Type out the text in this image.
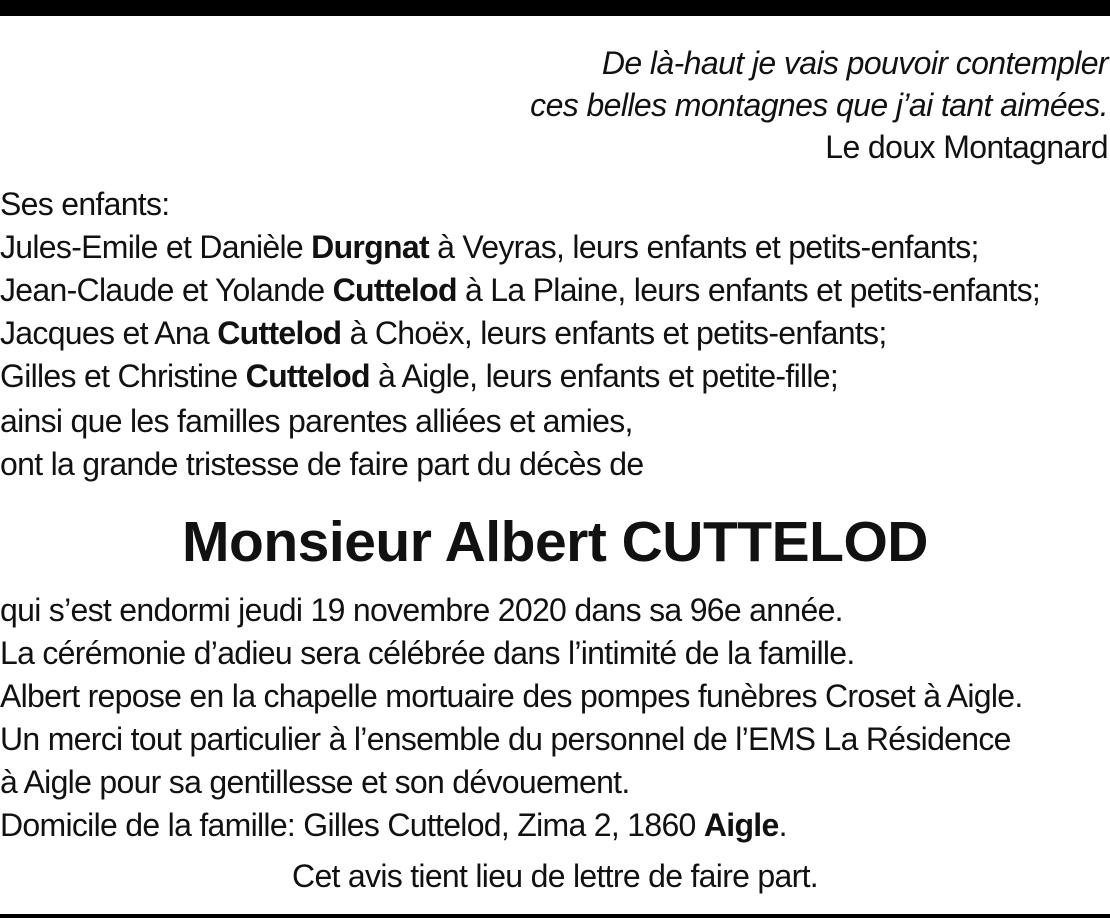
De là-haut je vais pouvoir contempler
ces belles montagnes que j’ai tant aimées.
Le doux Montagnard
Ses enfants:
Jules-Emile et Danièle Durgnat à Veyras, leurs enfants et petits-enfants;
Jean-Claude et Yolande Cuttelod à La Plaine, leurs enfants et petits-enfants;
Jacques et Ana Cuttelod à Choëx, leurs enfants et petits-enfants;
Gilles et Christine Cuttelod à Aigle, leurs enfants et petite-fille;
ainsi que les familles parentes alliées et amies,
ont la grande tristesse de faire part du décès de
Monsieur Albert CUTTELOD
qui s’est endormi jeudi 19 novembre 2020 dans sa 96e année.
La cérémonie d’adieu sera célébrée dans l’intimité de la famille.
Albert repose en la chapelle mortuaire des pompes funèbres Croset à Aigle.
Un merci tout particulier à l’ensemble du personnel de l’EMS La Résidence
à Aigle pour sa gentillesse et son dévouement.
Domicile de la famille: Gilles Cuttelod, Zima 2, 1860 Aigle.
Cet avis tient lieu de lettre de faire part.
